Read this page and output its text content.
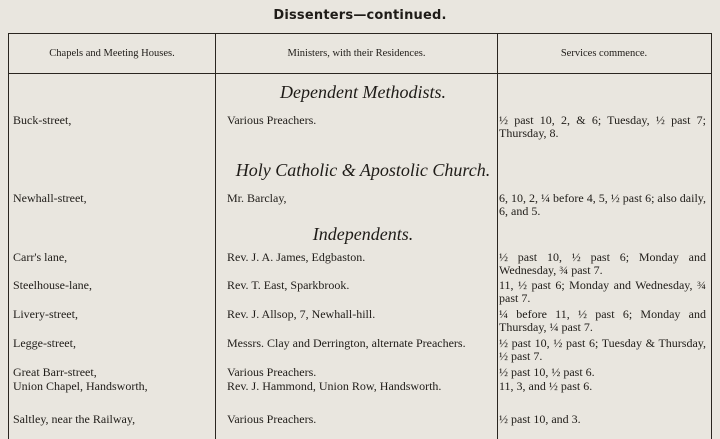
Dissenters—continued.
Chapels and Meeting Houses.	Ministers, with their Residences.	Services commence.
Dependent Methodists.
Buck-street,	Various Preachers.	½ past 10, 2, & 6; Tuesday, ½ past 7; Thursday, 8.
Holy Catholic & Apostolic Church.
Newhall-street,	Mr. Barclay,	6, 10, 2, ¼ before 4, 5, ½ past 6; also daily, 6, and 5.
Independents.
Carr's lane,	Rev. J. A. James, Edgbaston.	½ past 10, ½ past 6; Monday and Wednesday, ¾ past 7.
Steelhouse-lane,	Rev. T. East, Sparkbrook.	11, ½ past 6; Monday and Wednesday, ¾ past 7.
Livery-street,	Rev. J. Allsop, 7, Newhall-hill.	¼ before 11, ½ past 6; Monday and Thursday, ¼ past 7.
Legge-street,	Messrs. Clay and Derrington, alternate Preachers.	½ past 10, ½ past 6; Tuesday & Thursday, ½ past 7.
Great Barr-street,	Various Preachers.	½ past 10, ½ past 6.
Union Chapel, Handsworth,	Rev. J. Hammond, Union Row, Handsworth.	11, 3, and ½ past 6.
Saltley, near the Railway,	Various Preachers.	½ past 10, and 3.
